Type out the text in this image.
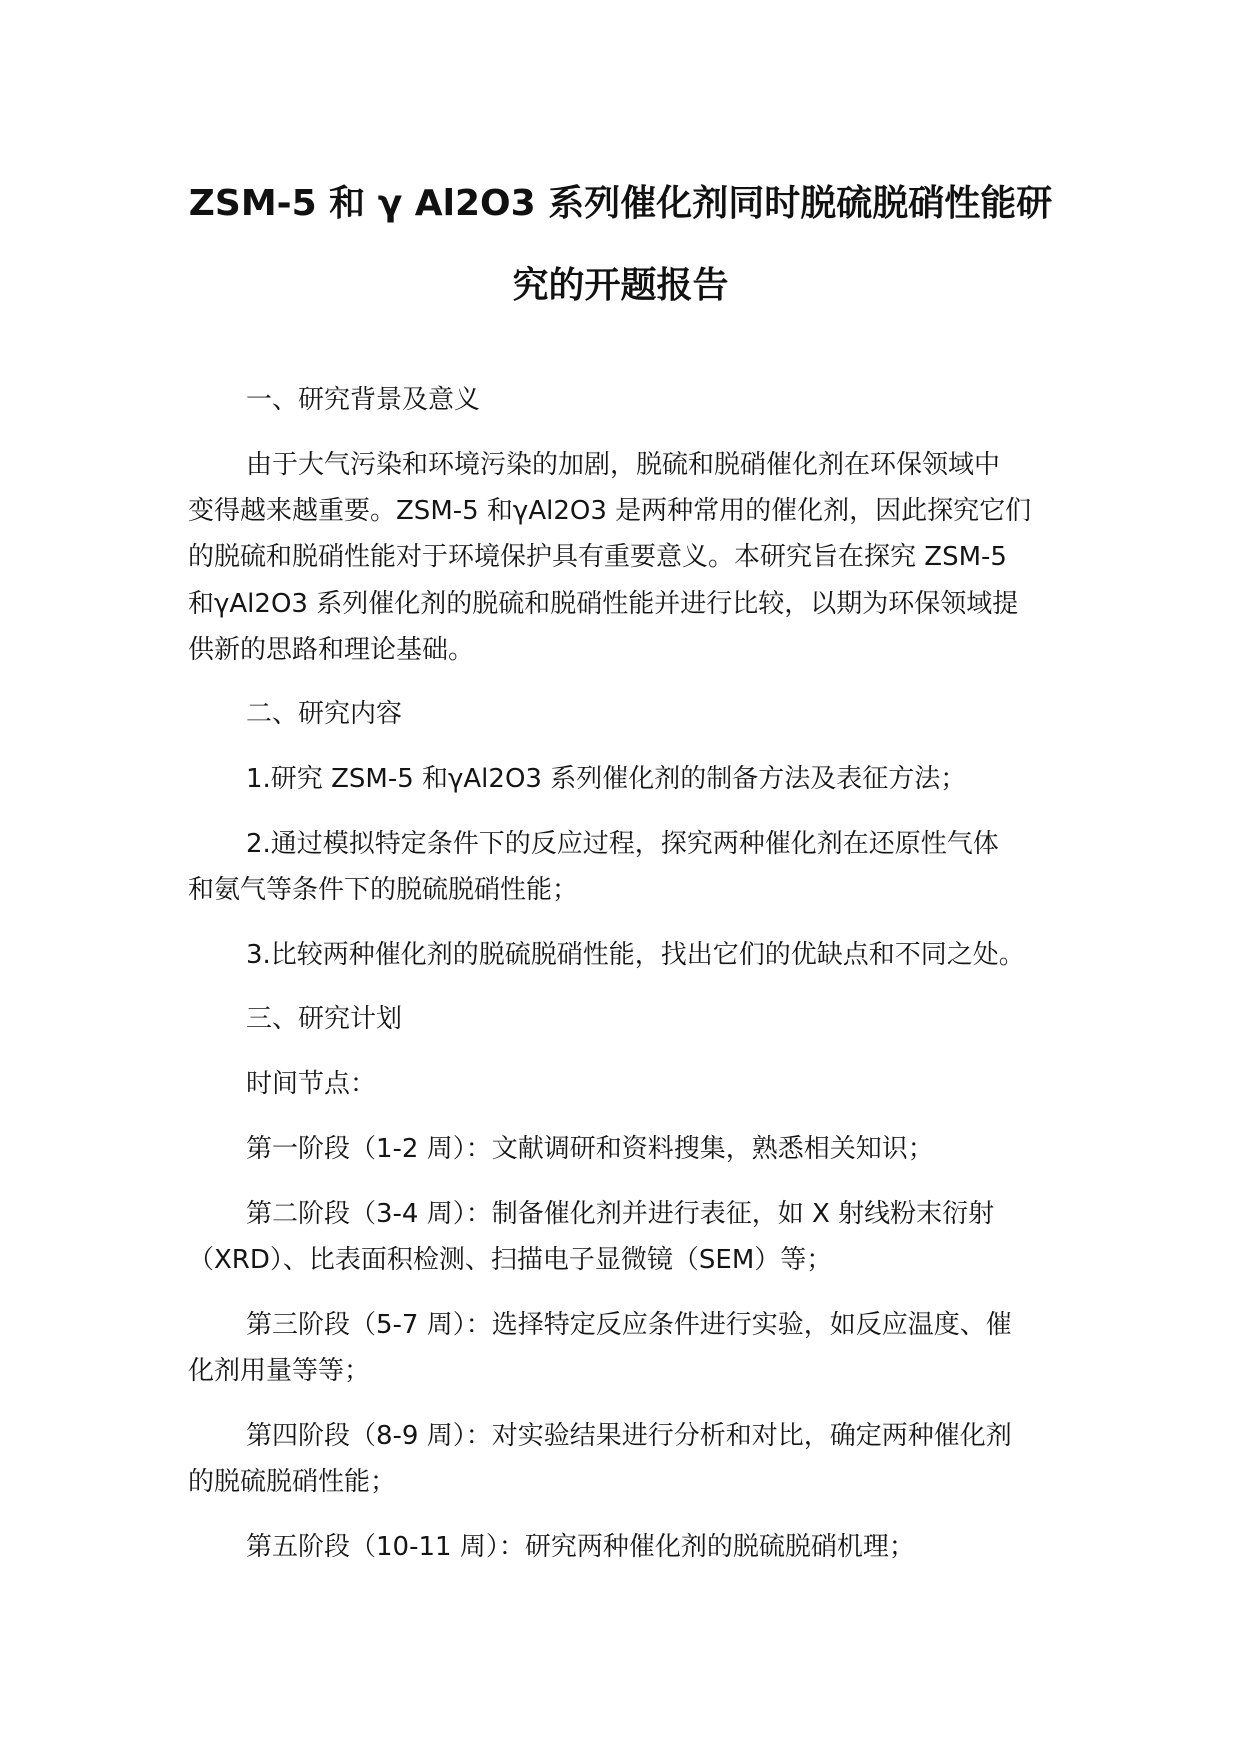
ZSM-5 和 γ Al2O3 系列催化剂同时脱硫脱硝性能研
究的开题报告
一、研究背景及意义
由于大气污染和环境污染的加剧，脱硫和脱硝催化剂在环保领域中
变得越来越重要。ZSM-5 和γAl2O3 是两种常用的催化剂，因此探究它们
的脱硫和脱硝性能对于环境保护具有重要意义。本研究旨在探究 ZSM-5
和γAl2O3 系列催化剂的脱硫和脱硝性能并进行比较，以期为环保领域提
供新的思路和理论基础。
二、研究内容
1.研究 ZSM-5 和γAl2O3 系列催化剂的制备方法及表征方法；
2.通过模拟特定条件下的反应过程，探究两种催化剂在还原性气体
和氨气等条件下的脱硫脱硝性能；
3.比较两种催化剂的脱硫脱硝性能，找出它们的优缺点和不同之处。
三、研究计划
时间节点：
第一阶段（1-2 周）：文献调研和资料搜集，熟悉相关知识；
第二阶段（3-4 周）：制备催化剂并进行表征，如 X 射线粉末衍射
（XRD）、比表面积检测、扫描电子显微镜（SEM）等；
第三阶段（5-7 周）：选择特定反应条件进行实验，如反应温度、催
化剂用量等等；
第四阶段（8-9 周）：对实验结果进行分析和对比，确定两种催化剂
的脱硫脱硝性能；
第五阶段（10-11 周）：研究两种催化剂的脱硫脱硝机理；
